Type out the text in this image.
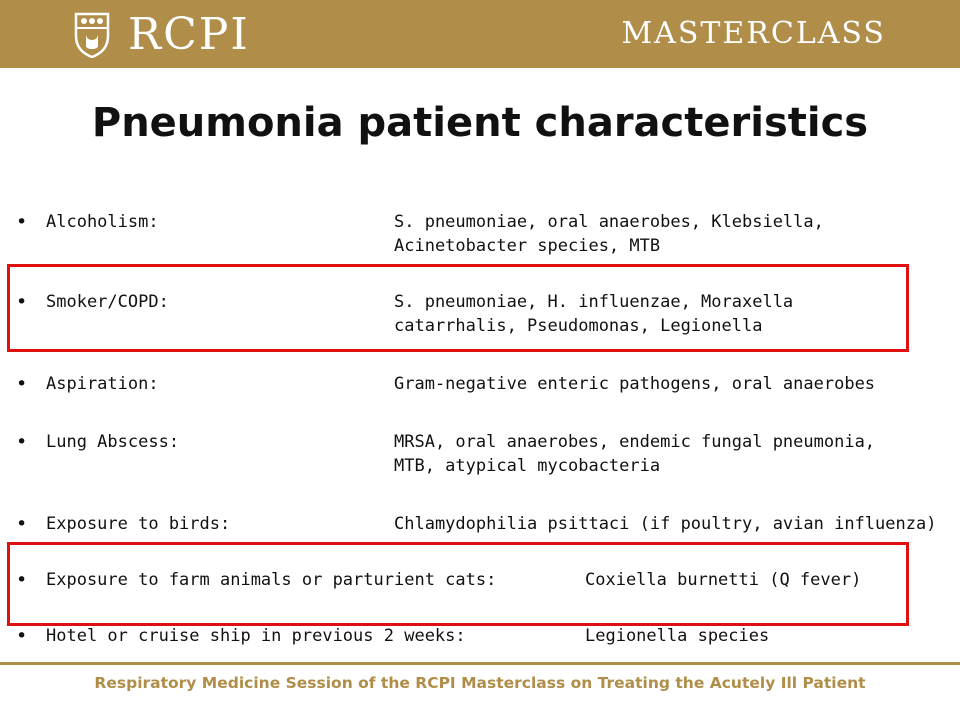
RCPI	MASTERCLASS
Pneumonia patient characteristics
• Alcoholism:	S. pneumoniae, oral anaerobes, Klebsiella,
Acinetobacter species, MTB
• Smoker/COPD:	S. pneumoniae, H. influenzae, Moraxella
catarrhalis, Pseudomonas, Legionella
• Aspiration:	Gram-negative enteric pathogens, oral anaerobes
• Lung Abscess:	MRSA, oral anaerobes, endemic fungal pneumonia,
MTB, atypical mycobacteria
• Exposure to birds:	Chlamydophilia psittaci (if poultry, avian influenza)
• Exposure to farm animals or parturient cats:	Coxiella burnetti (Q fever)
• Hotel or cruise ship in previous 2 weeks:	Legionella species
Respiratory Medicine Session of the RCPI Masterclass on Treating the Acutely Ill Patient
